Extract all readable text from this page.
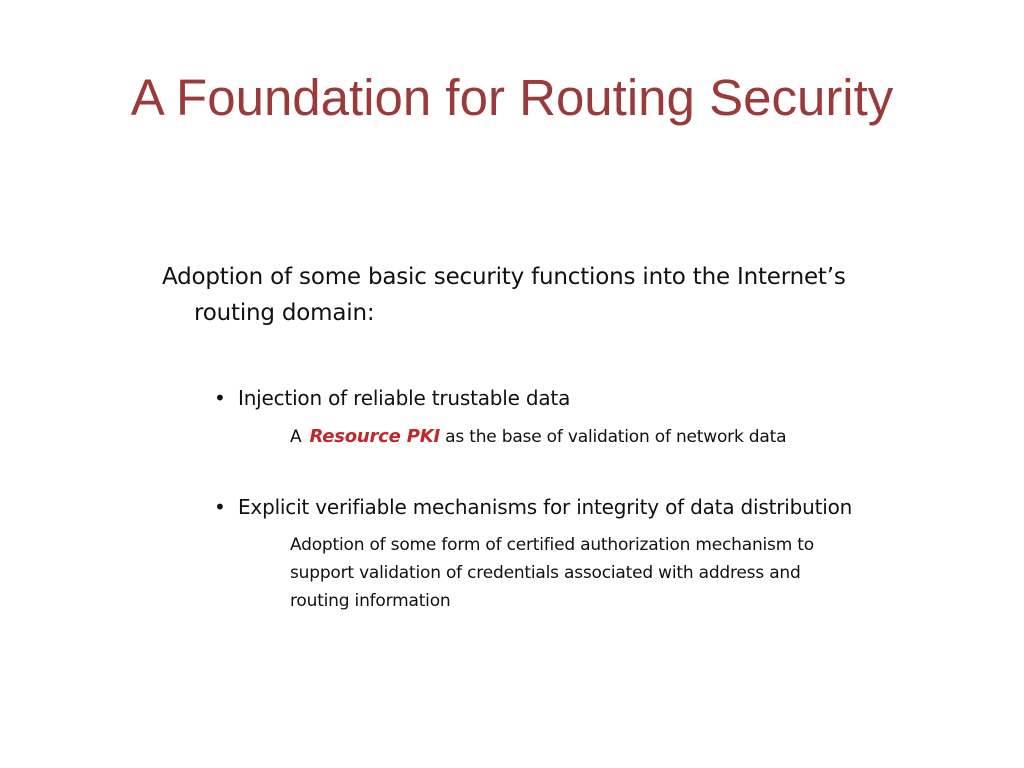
A Foundation for Routing Security
Adoption of some basic security functions into the Internet’s routing domain:
• Injection of reliable trustable data
A Resource PKI as the base of validation of network data
• Explicit verifiable mechanisms for integrity of data distribution
Adoption of some form of certified authorization mechanism to
support validation of credentials associated with address and
routing information
